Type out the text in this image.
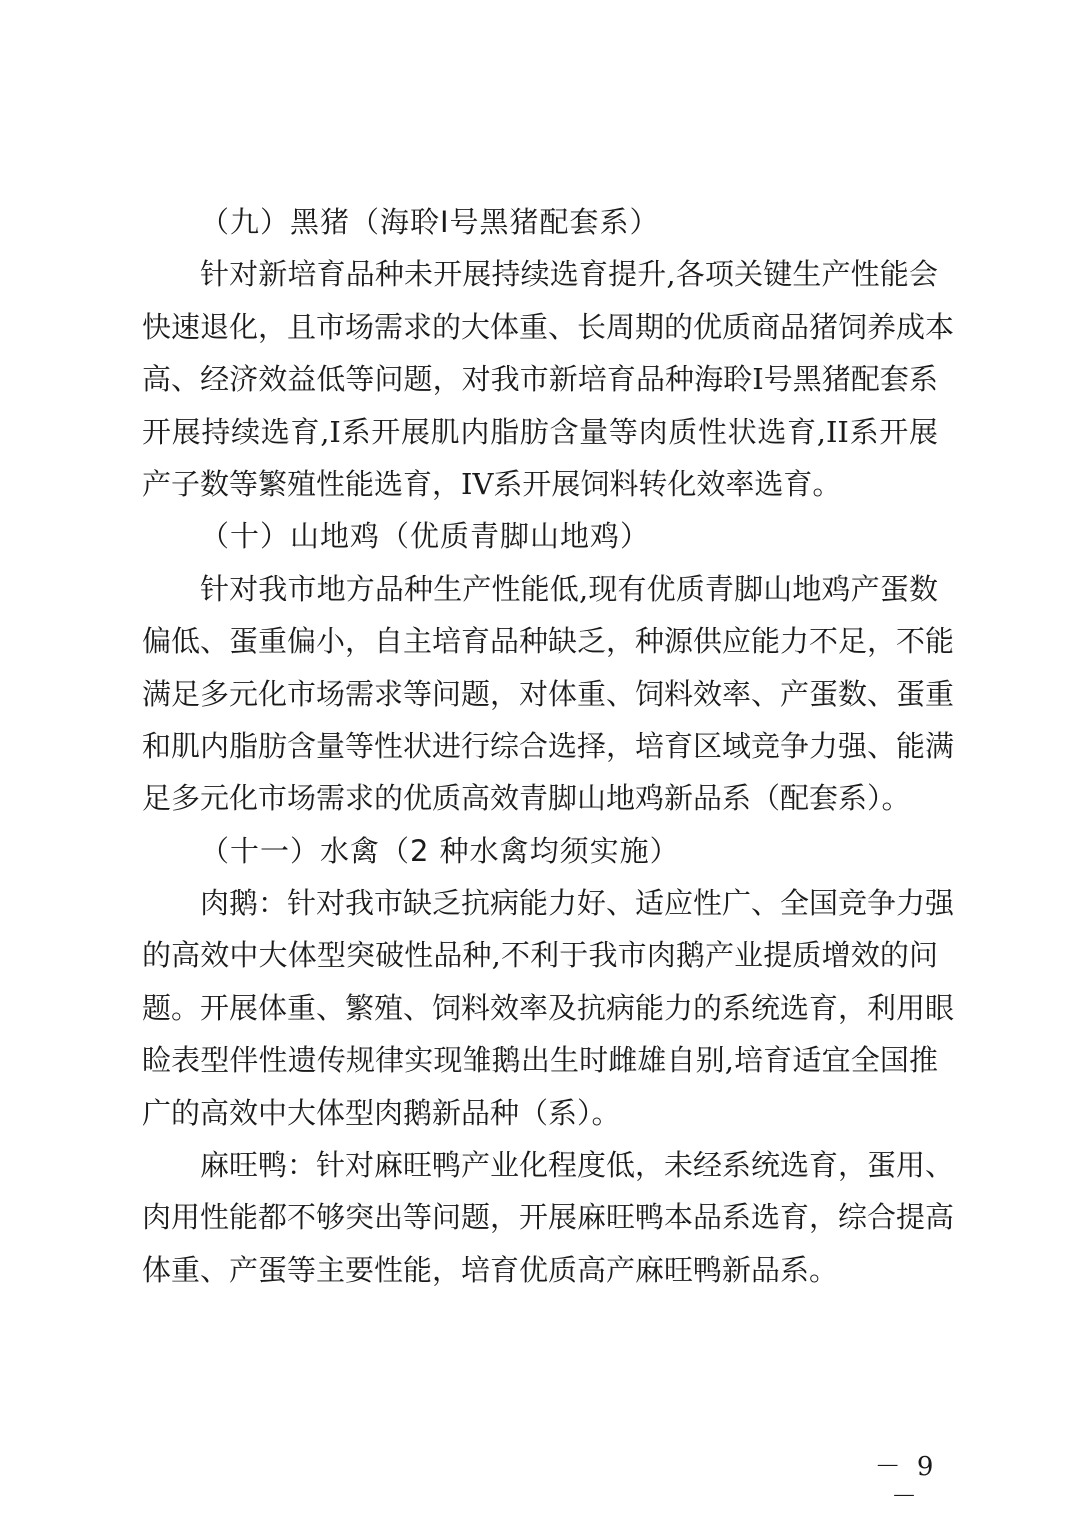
（九）黑猪（海聆I号黑猪配套系）
针对新培育品种未开展持续选育提升,各项关键生产性能会
快速退化，且市场需求的大体重、长周期的优质商品猪饲养成本
高、经济效益低等问题，对我市新培育品种海聆I号黑猪配套系
开展持续选育,I系开展肌内脂肪含量等肉质性状选育,II系开展
产子数等繁殖性能选育，IV系开展饲料转化效率选育。
（十）山地鸡（优质青脚山地鸡）
针对我市地方品种生产性能低,现有优质青脚山地鸡产蛋数
偏低、蛋重偏小，自主培育品种缺乏，种源供应能力不足，不能
满足多元化市场需求等问题，对体重、饲料效率、产蛋数、蛋重
和肌内脂肪含量等性状进行综合选择，培育区域竞争力强、能满
足多元化市场需求的优质高效青脚山地鸡新品系（配套系）。
（十一）水禽（2 种水禽均须实施）
肉鹅：针对我市缺乏抗病能力好、适应性广、全国竞争力强
的高效中大体型突破性品种,不利于我市肉鹅产业提质增效的问
题。开展体重、繁殖、饲料效率及抗病能力的系统选育，利用眼
睑表型伴性遗传规律实现雏鹅出生时雌雄自别,培育适宜全国推
广的高效中大体型肉鹅新品种（系）。
麻旺鸭：针对麻旺鸭产业化程度低，未经系统选育，蛋用、
肉用性能都不够突出等问题，开展麻旺鸭本品系选育，综合提高
体重、产蛋等主要性能，培育优质高产麻旺鸭新品系。
－ 9 －
